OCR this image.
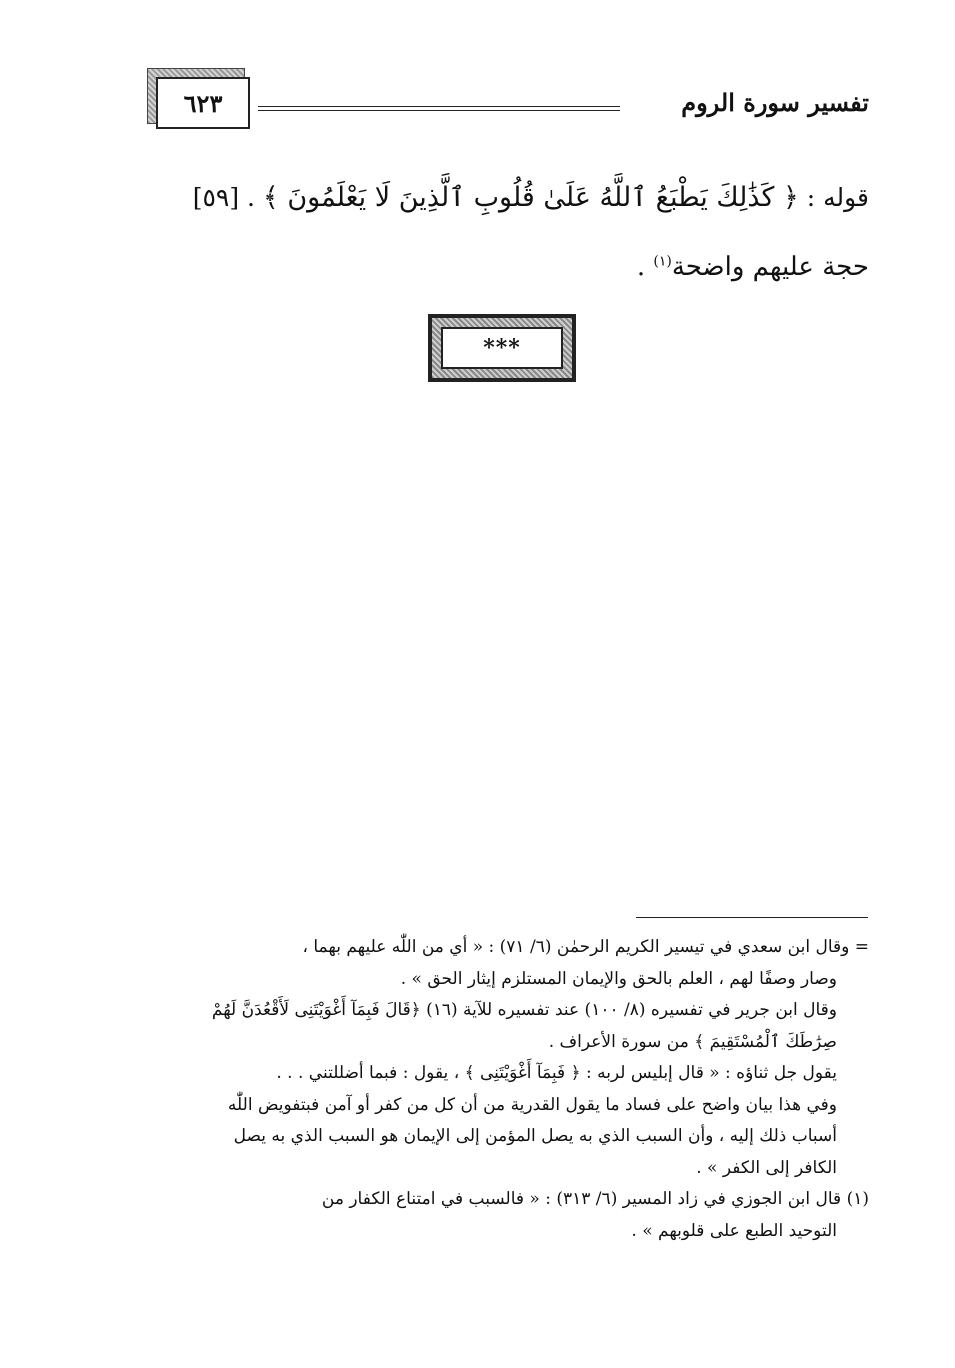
٦٢٣	تفسير سورة الروم
قوله : ﴿ كَذَٰلِكَ يَطْبَعُ ٱللَّهُ عَلَىٰ قُلُوبِ ٱلَّذِينَ لَا يَعْلَمُونَ ﴾ . [٥٩]
حجة عليهم واضحة$^{(١)}$ .
***
= وقال ابن سعدي في تيسير الكريم الرحمٰن (٦/ ٧١) : « أي من اللّٰه عليهم بهما ،
وصار وصفًا لهم ، العلم بالحق والإيمان المستلزم إيثار الحق » .
وقال ابن جرير في تفسيره (٨/ ١٠٠) عند تفسيره للآية (١٦) ﴿قَالَ فَبِمَآ أَغْوَيْتَنِى لَأَقْعُدَنَّ لَهُمْ
صِرَٰطَكَ ٱلْمُسْتَقِيمَ ﴾ من سورة الأعراف .
يقول جل ثناؤه : « قال إبليس لربه : ﴿ فَبِمَآ أَغْوَيْتَنِى ﴾ ، يقول : فبما أضللتني . . .
وفي هذا بيان واضح على فساد ما يقول القدرية من أن كل من كفر أو آمن فبتفويض اللّٰه
أسباب ذلك إليه ، وأن السبب الذي به يصل المؤمن إلى الإيمان هو السبب الذي به يصل
الكافر إلى الكفر » .
(١) قال ابن الجوزي في زاد المسير (٦/ ٣١٣) : « فالسبب في امتناع الكفار من
التوحيد الطبع على قلوبهم » .
